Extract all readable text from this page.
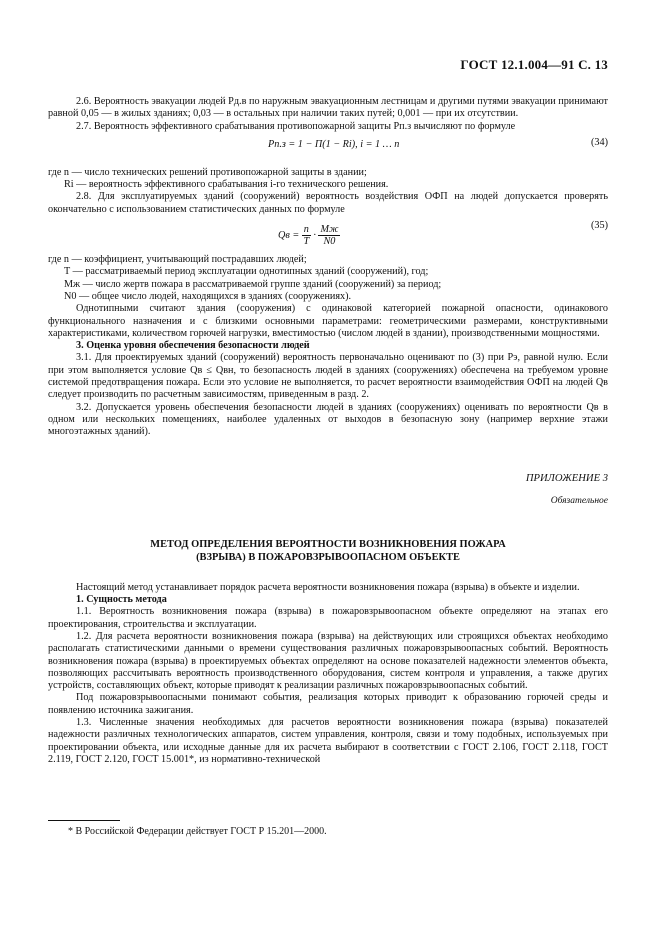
ГОСТ 12.1.004—91 С. 13

2.6. Вероятность эвакуации людей Pд.в по наружным эвакуационным лестницам и другими путями эвакуации принимают равной 0,05 — в жилых зданиях; 0,03 — в остальных при наличии таких путей; 0,001 — при их отсутствии.

2.7. Вероятность эффективного срабатывания противопожарной защиты Pп.з вычисляют по формуле

Pп.з = 1 − Π(1 − Ri), i = 1 … n	(34)

где n — число технических решений противопожарной защиты в здании;

Ri — вероятность эффективного срабатывания i-го технического решения.

2.8. Для эксплуатируемых зданий (сооружений) вероятность воздействия ОФП на людей допускается проверять окончательно с использованием статистических данных по формуле

Qв = $\frac{n}{T}$ ·
Mж
N0
(35)

где n — коэффициент, учитывающий пострадавших людей;

T — рассматриваемый период эксплуатации однотипных зданий (сооружений), год;

Mж — число жертв пожара в рассматриваемой группе зданий (сооружений) за период;

N0 — общее число людей, находящихся в зданиях (сооружениях).

Однотипными считают здания (сооружения) с одинаковой категорией пожарной опасности, одинакового функционального назначения и с близкими основными параметрами: геометрическими размерами, конструктивными характеристиками, количеством горючей нагрузки, вместимостью (числом людей в здании), производственными мощностями.

3. Оценка уровня обеспечения безопасности людей

3.1. Для проектируемых зданий (сооружений) вероятность первоначально оценивают по (3) при Pэ, равной нулю. Если при этом выполняется условие Qв ≤ Qвн, то безопасность людей в зданиях (сооружениях) обеспечена на требуемом уровне системой предотвращения пожара. Если это условие не выполняется, то расчет вероятности взаимодействия ОФП на людей Qв следует производить по расчетным зависимостям, приведенным в разд. 2.

3.2. Допускается уровень обеспечения безопасности людей в зданиях (сооружениях) оценивать по вероятности Qв в одном или нескольких помещениях, наиболее удаленных от выходов в безопасную зону (например верхние этажи многоэтажных зданий).

ПРИЛОЖЕНИЕ 3

Обязательное

МЕТОД ОПРЕДЕЛЕНИЯ ВЕРОЯТНОСТИ ВОЗНИКНОВЕНИЯ ПОЖАРА
(ВЗРЫВА) В ПОЖАРОВЗРЫВООПАСНОМ ОБЪЕКТЕ

Настоящий метод устанавливает порядок расчета вероятности возникновения пожара (взрыва) в объекте и изделии.

1. Сущность метода

1.1. Вероятность возникновения пожара (взрыва) в пожаровзрывоопасном объекте определяют на этапах его проектирования, строительства и эксплуатации.

1.2. Для расчета вероятности возникновения пожара (взрыва) на действующих или строящихся объектах необходимо располагать статистическими данными о времени существования различных пожаровзрывоопасных событий. Вероятность возникновения пожара (взрыва) в проектируемых объектах определяют на основе показателей надежности элементов объекта, позволяющих рассчитывать вероятность производственного оборудования, систем контроля и управления, а также других устройств, составляющих объект, которые приводят к реализации различных пожаровзрывоопасных событий.

Под пожаровзрывоопасными понимают события, реализация которых приводит к образованию горючей среды и появлению источника зажигания.

1.3. Численные значения необходимых для расчетов вероятности возникновения пожара (взрыва) показателей надежности различных технологических аппаратов, систем управления, контроля, связи и тому подобных, используемых при проектировании объекта, или исходные данные для их расчета выбирают в соответствии с ГОСТ 2.106, ГОСТ 2.118, ГОСТ 2.119, ГОСТ 2.120, ГОСТ 15.001*, из нормативно-технической

* В Российской Федерации действует ГОСТ Р 15.201—2000.
